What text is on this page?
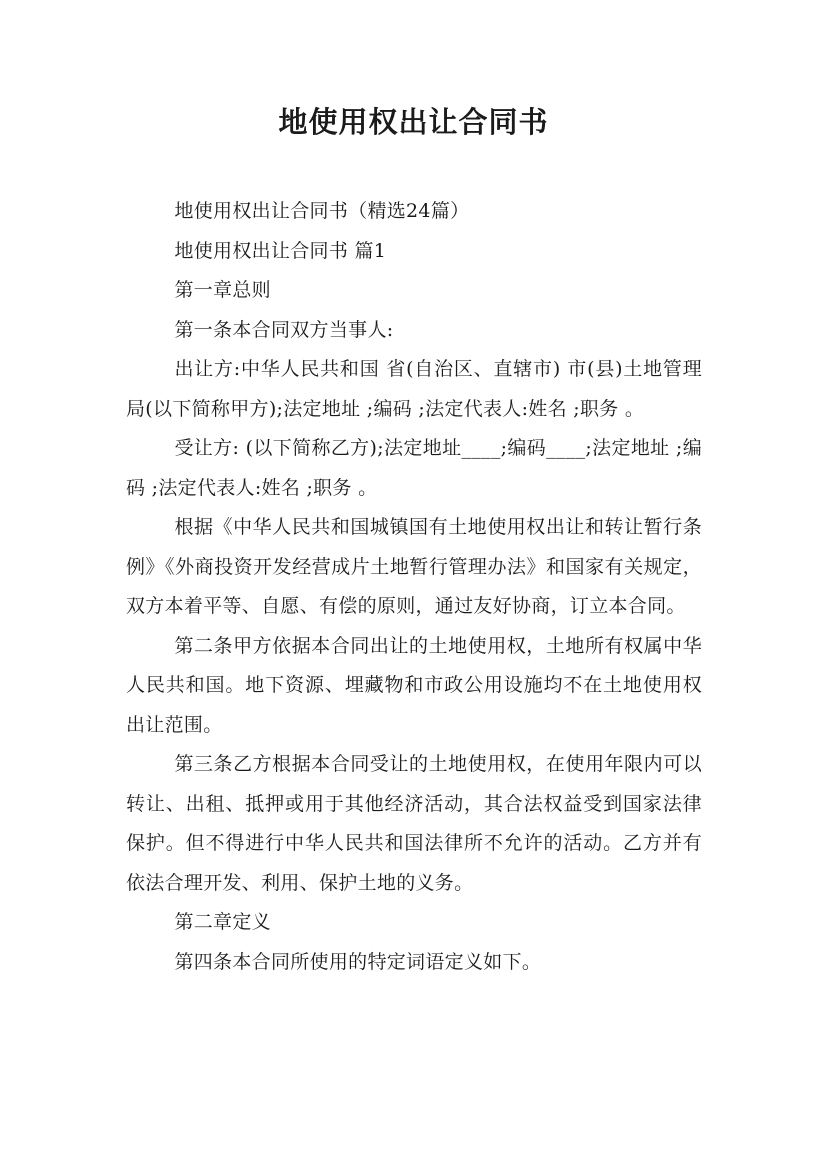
地使用权出让合同书

地使用权出让合同书（精选24篇）

地使用权出让合同书 篇1

第一章总则

第一条本合同双方当事人:

出让方:中华人民共和国 省(自治区、直辖市) 市(县)土地管理局(以下简称甲方);法定地址 ;编码 ;法定代表人:姓名 ;职务 。

受让方: (以下简称乙方);法定地址____;编码____;法定地址 ;编码 ;法定代表人:姓名 ;职务 。

根据《中华人民共和国城镇国有土地使用权出让和转让暂行条例》《外商投资开发经营成片土地暂行管理办法》和国家有关规定，双方本着平等、自愿、有偿的原则，通过友好协商，订立本合同。

第二条甲方依据本合同出让的土地使用权，土地所有权属中华人民共和国。地下资源、埋藏物和市政公用设施均不在土地使用权出让范围。

第三条乙方根据本合同受让的土地使用权，在使用年限内可以转让、出租、抵押或用于其他经济活动，其合法权益受到国家法律保护。但不得进行中华人民共和国法律所不允许的活动。乙方并有依法合理开发、利用、保护土地的义务。

第二章定义

第四条本合同所使用的特定词语定义如下。
